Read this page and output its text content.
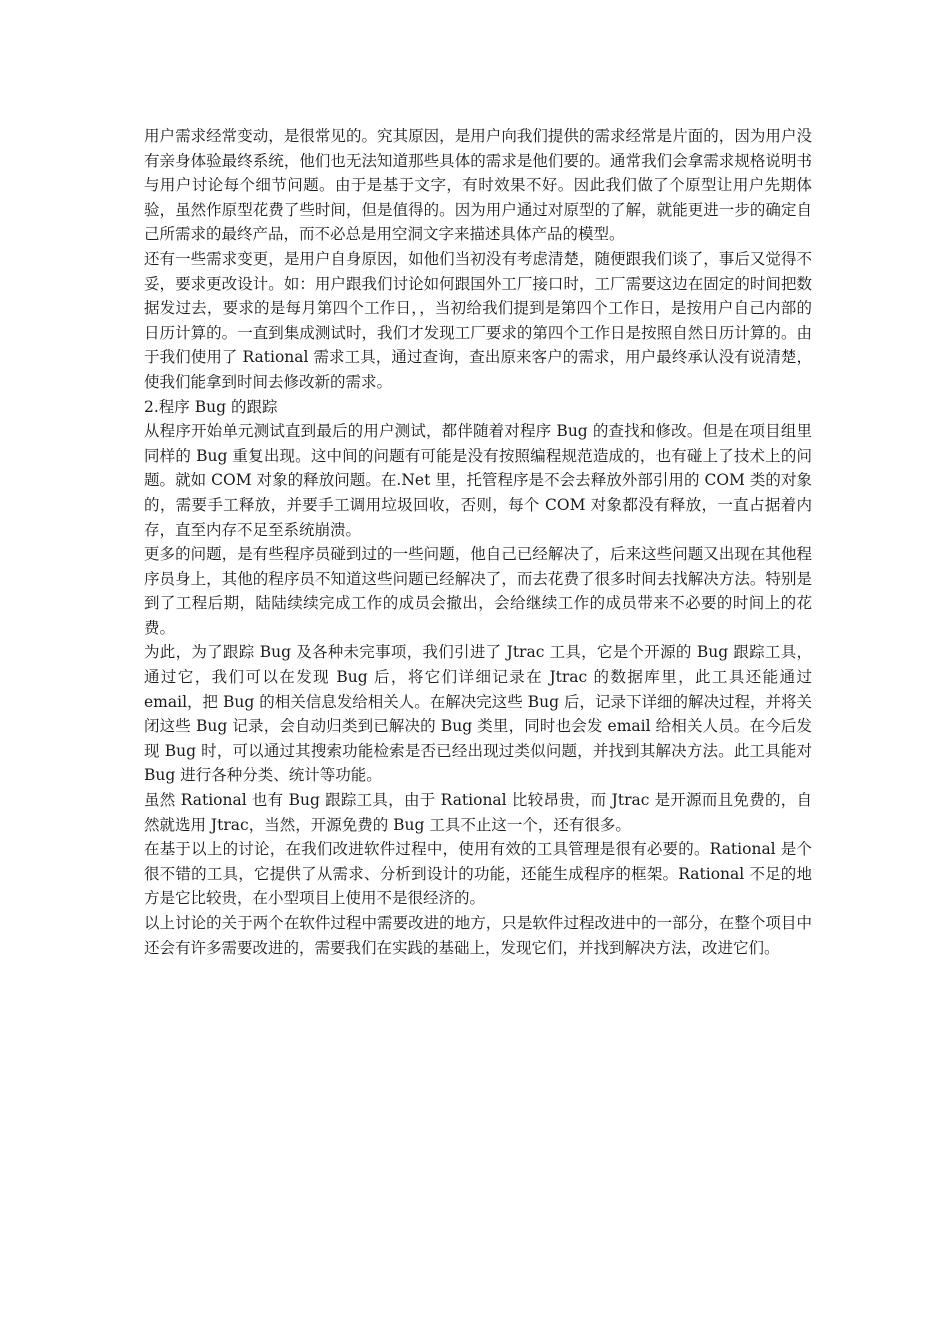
用户需求经常变动，是很常见的。究其原因，是用户向我们提供的需求经常是片面的，因为用户没有亲身体验最终系统，他们也无法知道那些具体的需求是他们要的。通常我们会拿需求规格说明书与用户讨论每个细节问题。由于是基于文字，有时效果不好。因此我们做了个原型让用户先期体验，虽然作原型花费了些时间，但是值得的。因为用户通过对原型的了解，就能更进一步的确定自己所需求的最终产品，而不必总是用空洞文字来描述具体产品的模型。

还有一些需求变更，是用户自身原因，如他们当初没有考虑清楚，随便跟我们谈了，事后又觉得不妥，要求更改设计。如：用户跟我们讨论如何跟国外工厂接口时，工厂需要这边在固定的时间把数据发过去，要求的是每月第四个工作日，，当初给我们提到是第四个工作日，是按用户自己内部的日历计算的。一直到集成测试时，我们才发现工厂要求的第四个工作日是按照自然日历计算的。由于我们使用了 Rational 需求工具，通过查询，查出原来客户的需求，用户最终承认没有说清楚，使我们能拿到时间去修改新的需求。

2.程序 Bug 的跟踪

从程序开始单元测试直到最后的用户测试，都伴随着对程序 Bug 的查找和修改。但是在项目组里同样的 Bug 重复出现。这中间的问题有可能是没有按照编程规范造成的，也有碰上了技术上的问题。就如 COM 对象的释放问题。在.Net 里，托管程序是不会去释放外部引用的 COM 类的对象的，需要手工释放，并要手工调用垃圾回收，否则，每个 COM 对象都没有释放，一直占据着内存，直至内存不足至系统崩溃。

更多的问题，是有些程序员碰到过的一些问题，他自己已经解决了，后来这些问题又出现在其他程序员身上，其他的程序员不知道这些问题已经解决了，而去花费了很多时间去找解决方法。特别是到了工程后期，陆陆续续完成工作的成员会撤出，会给继续工作的成员带来不必要的时间上的花费。

为此，为了跟踪 Bug 及各种未完事项，我们引进了 Jtrac 工具，它是个开源的 Bug 跟踪工具，通过它，我们可以在发现 Bug 后，将它们详细记录在 Jtrac 的数据库里，此工具还能通过email，把 Bug 的相关信息发给相关人。在解决完这些 Bug 后，记录下详细的解决过程，并将关闭这些 Bug 记录，会自动归类到已解决的 Bug 类里，同时也会发 email 给相关人员。在今后发现 Bug 时，可以通过其搜索功能检索是否已经出现过类似问题，并找到其解决方法。此工具能对 Bug 进行各种分类、统计等功能。

虽然 Rational 也有 Bug 跟踪工具，由于 Rational 比较昂贵，而 Jtrac 是开源而且免费的，自然就选用 Jtrac，当然，开源免费的 Bug 工具不止这一个，还有很多。

在基于以上的讨论，在我们改进软件过程中，使用有效的工具管理是很有必要的。Rational 是个很不错的工具，它提供了从需求、分析到设计的功能，还能生成程序的框架。Rational 不足的地方是它比较贵，在小型项目上使用不是很经济的。

以上讨论的关于两个在软件过程中需要改进的地方，只是软件过程改进中的一部分，在整个项目中还会有许多需要改进的，需要我们在实践的基础上，发现它们，并找到解决方法，改进它们。
